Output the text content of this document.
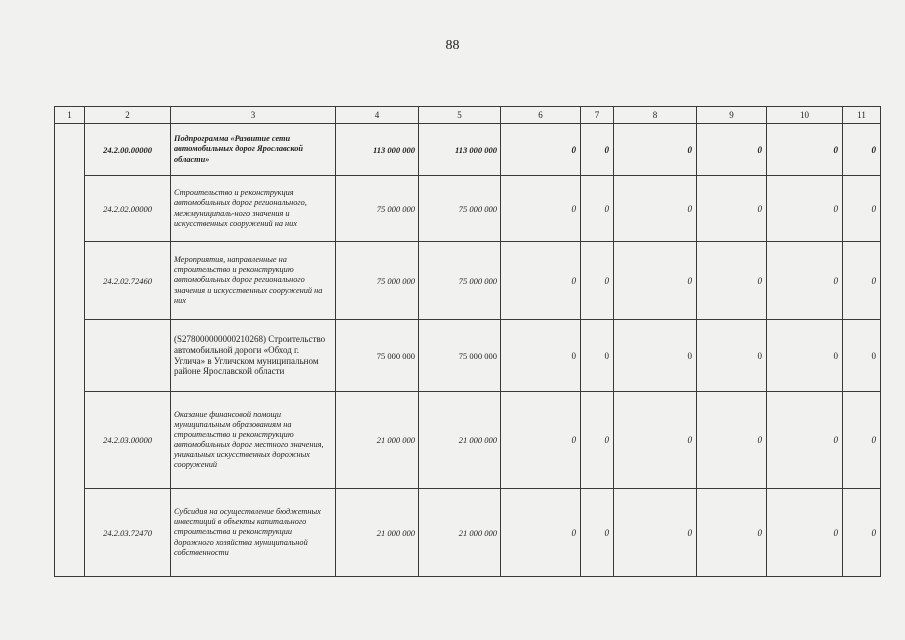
88
1	2	3	4	5	6	7	8	9	10	11
	24.2.00.00000	Подпрограмма «Развитие сети автомобильных дорог Ярославской области»	113 000 000	113 000 000	0	0	0	0	0	0
	24.2.02.00000	Строительство и реконструкция автомобильных дорог регионального, межмуниципаль-ного значения и искусственных сооружений на них	75 000 000	75 000 000	0	0	0	0	0	0
	24.2.02.72460	Мероприятия, направленные на строительство и реконструкцию автомобильных дорог регионального значения и искусственных сооружений на них	75 000 000	75 000 000	0	0	0	0	0	0
		(S278000000000210268) Строительство автомобильной дороги «Обход г. Углича» в Угличском муниципальном районе Ярославской области	75 000 000	75 000 000	0	0	0	0	0	0
	24.2.03.00000	Оказание финансовой помощи муниципальным образованиям на строительство и реконструкцию автомобильных дорог местного значения, уникальных искусственных дорожных сооружений	21 000 000	21 000 000	0	0	0	0	0	0
	24.2.03.72470	Субсидия на осуществление бюджетных инвестиций в объекты капитального строительства и реконструкции дорожного хозяйства муниципальной собственности	21 000 000	21 000 000	0	0	0	0	0	0
